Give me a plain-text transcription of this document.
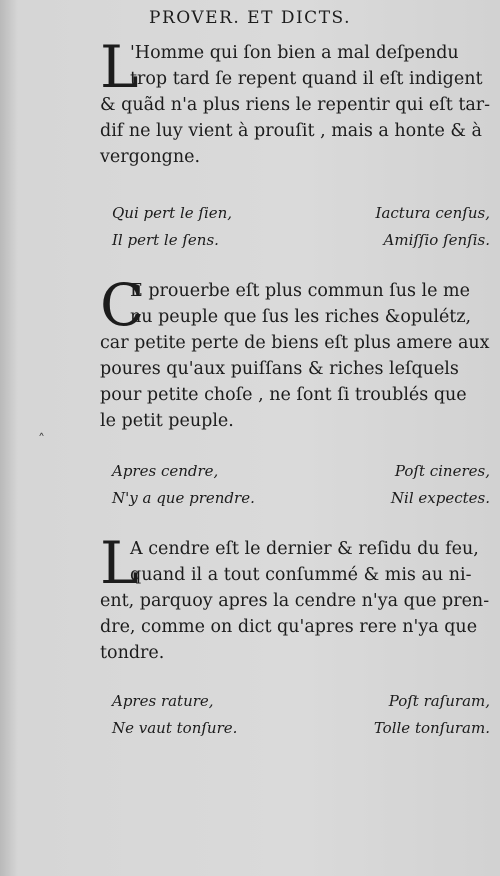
PROVER. ET DICTS.
L
'Homme qui ſon bien a mal deſpendu
trop tard ſe repent quand il eſt indigent
& quãd n'a plus riens le repentir qui eſt tar-
dif ne luy vient à prouſit , mais a honte & à
vergongne.
Qui pert le ſien,	Iactura cenſus,
Il pert le ſens.	Amiſſio ſenſis.
C
E prouerbe eſt plus commun ſus le me
nu peuple que ſus les riches &opulétz,
car petite perte de biens eſt plus amere aux
poures qu'aux puiſſans & riches leſquels
pour petite choſe , ne ſont ſi troublés que
le petit peuple.
˰
Apres cendre,	Poſt cineres,
N'y a que prendre.	Nil expectes.
L
A cendre eſt le dernier & reſidu du feu,
quand il a tout conſummé & mis au ni-
ent, parquoy apres la cendre n'ya que pren-
dre, comme on dict qu'apres rere n'ya que
tondre.
Apres rature,	Poſt raſuram,
Ne vaut tonſure.	Tolle tonſuram.
